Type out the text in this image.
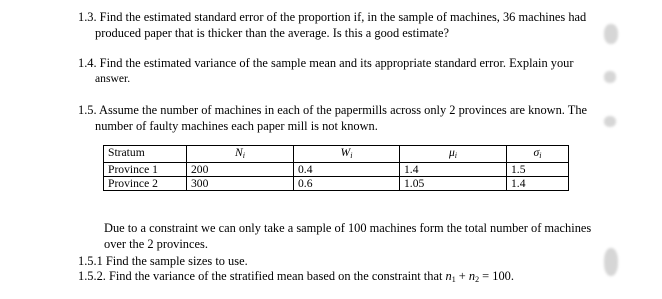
1.3. Find the estimated standard error of the proportion if, in the sample of machines, 36 machines had
produced paper that is thicker than the average. Is this a good estimate?
1.4. Find the estimated variance of the sample mean and its appropriate standard error. Explain your
answer.
1.5. Assume the number of machines in each of the papermills across only 2 provinces are known. The
number of faulty machines each paper mill is not known.
Stratum	$N_i$	$W_i$	$\mu_i$	$\sigma_i$
Province 1	200	0.4	1.4	1.5
Province 2	300	0.6	1.05	1.4
Due to a constraint we can only take a sample of 100 machines form the total number of machines
over the 2 provinces.
1.5.1 Find the sample sizes to use.
1.5.2. Find the variance of the stratified mean based on the constraint that $n_1 + n_2 = 100$.
